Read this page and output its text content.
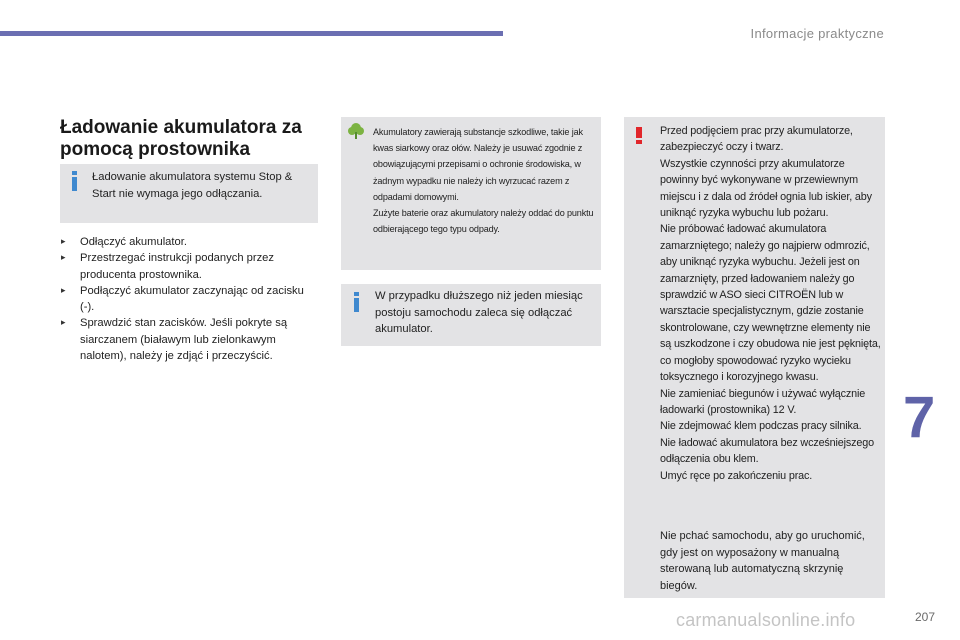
Informacje praktyczne
Ładowanie akumulatora za pomocą prostownika
Ładowanie akumulatora systemu Stop & Start nie wymaga jego odłączania.
▸ Odłączyć akumulator.
▸ Przestrzegać instrukcji podanych przez producenta prostownika.
▸ Podłączyć akumulator zaczynając od zacisku (-).
▸ Sprawdzić stan zacisków. Jeśli pokryte są siarczanem (białawym lub zielonkawym nalotem), należy je zdjąć i przeczyścić.
Akumulatory zawierają substancje szkodliwe, takie jak kwas siarkowy oraz ołów. Należy je usuwać zgodnie z obowiązującymi przepisami o ochronie środowiska, w żadnym wypadku nie należy ich wyrzucać razem z odpadami domowymi.
Zużyte baterie oraz akumulatory należy oddać do punktu odbierającego tego typu odpady.
W przypadku dłuższego niż jeden miesiąc postoju samochodu zaleca się odłączać akumulator.
Przed podjęciem prac przy akumulatorze, zabezpieczyć oczy i twarz.
Wszystkie czynności przy akumulatorze powinny być wykonywane w przewiewnym miejscu i z dala od źródeł ognia lub iskier, aby uniknąć ryzyka wybuchu lub pożaru.
Nie próbować ładować akumulatora zamarzniętego; należy go najpierw odmrozić, aby uniknąć ryzyka wybuchu. Jeżeli jest on zamarznięty, przed ładowaniem należy go sprawdzić w ASO sieci CITROËN lub w warsztacie specjalistycznym, gdzie zostanie skontrolowane, czy wewnętrzne elementy nie są uszkodzone i czy obudowa nie jest pęknięta, co mogłoby spowodować ryzyko wycieku toksycznego i korozyjnego kwasu.
Nie zamieniać biegunów i używać wyłącznie ładowarki (prostownika) 12 V.
Nie zdejmować klem podczas pracy silnika.
Nie ładować akumulatora bez wcześniejszego odłączenia obu klem.
Umyć ręce po zakończeniu prac.
Nie pchać samochodu, aby go uruchomić, gdy jest on wyposażony w manualną sterowaną lub automatyczną skrzynię biegów.
7
carmanualsonline.info	207
